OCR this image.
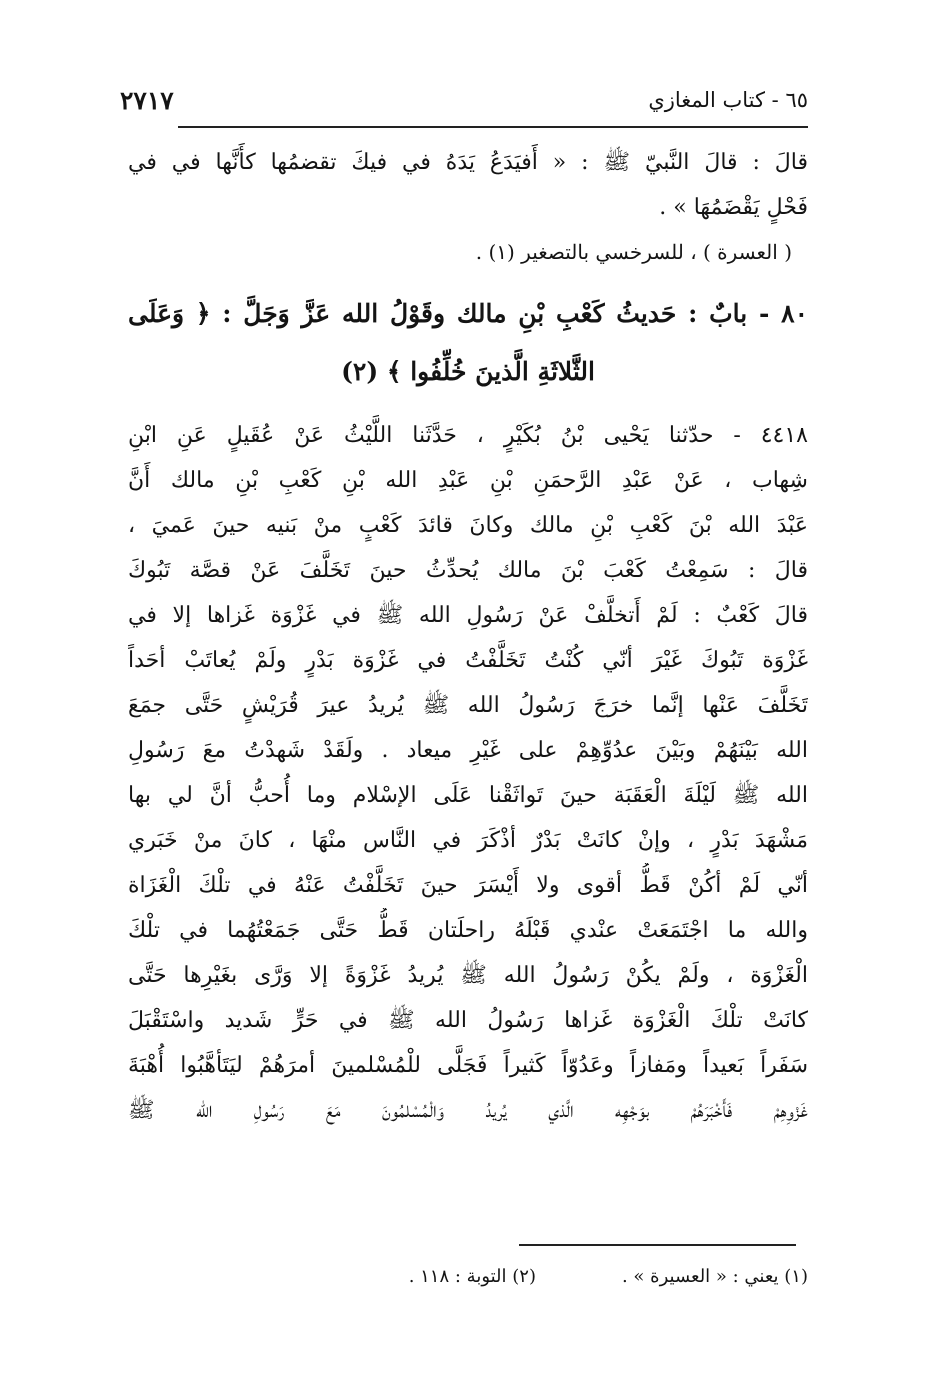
٢٧١٧	٦٥ - كتاب المغازي
قالَ : قالَ النَّبيّ ﷺ : « أَفيَدَعُ يَدَهُ في فيكَ تقضمُها كأَنَّها في في
فَحْلٍ يَقْضَمُهَا » .
( العسرة ) ، للسرخسي بالتصغير (١) .
٨٠ - بابٌ : حَديثُ كَعْبِ بْنِ مالك وقَوْلُ الله عَزَّ وَجَلَّ : ﴿ وَعَلَى
الثَّلاثَةِ الَّذينَ خُلِّفُوا ﴾ (٢)
٤٤١٨ - حدّثنا يَحْيى بْنُ بُكَيْرٍ ، حَدَّثَنا اللَّيْثُ عَنْ عُقَيلٍ عَنِ ابْنِ
شِهاب ، عَنْ عَبْدِ الرَّحمَنِ بْنِ عَبْدِ الله بْنِ كَعْبِ بْنِ مالك أَنَّ
عَبْدَ الله بْنَ كَعْبِ بْنِ مالك وكانَ قائدَ كَعْبٍ منْ بَنيه حينَ عَميَ ،
قالَ : سَمِعْتُ كَعْبَ بْنَ مالك يُحدِّثُ حينَ تَخَلَّفَ عَنْ قصَّة تَبُوكَ
قالَ كَعْبٌ : لَمْ أَتخلَّفْ عَنْ رَسُولِ الله ﷺ في غَزْوَة غَزاها إلا في
غَزْوَة تَبُوكَ غَيْرَ أنّي كُنْتُ تَخَلَّفْتُ في غَزْوَة بَدْرٍ ولَمْ يُعاتَبْ أحَداً
تَخَلَّفَ عَنْها إنَّما خرَجَ رَسُولُ الله ﷺ يُريدُ عيرَ قُرَيْشٍ حَتَّى جمَعَ
الله بَيْنَهُمْ وبَيْنَ عدُوِّهِمْ على غَيْرِ ميعاد . ولَقَدْ شَهدْتُ معَ رَسُولِ
الله ﷺ لَيْلَةَ الْعَقَبَة حينَ تَواثَقْنا عَلَى الإسْلام وما أُحبُّ أنَّ لي بها
مَشْهَدَ بَدْرٍ ، وإنْ كانَتْ بَدْرٌ أذْكَرَ في النَّاس منْهَا ، كانَ منْ خَبَري
أنّي لَمْ أكُنْ قَطُّ أقوى ولا أَيْسَرَ حينَ تَخَلَّفْتُ عَنْهُ في تلْكَ الْغَزَاة
والله ما اجْتَمَعَتْ عنْدي قَبْلَهُ راحلَتان قَطُّ حَتَّى جَمَعْتُهُما في تلْكَ
الْغَزْوَة ، ولَمْ يكُنْ رَسُولُ الله ﷺ يُريدُ غَزْوَةً إلا وَرَّى بغَيْرِها حَتَّى
كانَتْ تلْكَ الْغَزْوَة غَزاها رَسُولُ الله ﷺ في حَرٍّ شَديد واسْتَقْبَلَ
سَفَراً بَعيداً ومَفازاً وعَدُوّاً كَثيراً فَجَلَّى للْمُسْلمينَ أمرَهُمْ ليَتَأهَّبُوا أُهْبَةَ
غَزْوِهِمْ فَأَخْبَرَهُمْ بوَجْهِه الَّذي يُريدُ وَالْمُسْلمُونَ مَعَ رَسُولِ الله ﷺ
(١) يعني : « العسيرة » .
(٢) التوبة : ١١٨ .
